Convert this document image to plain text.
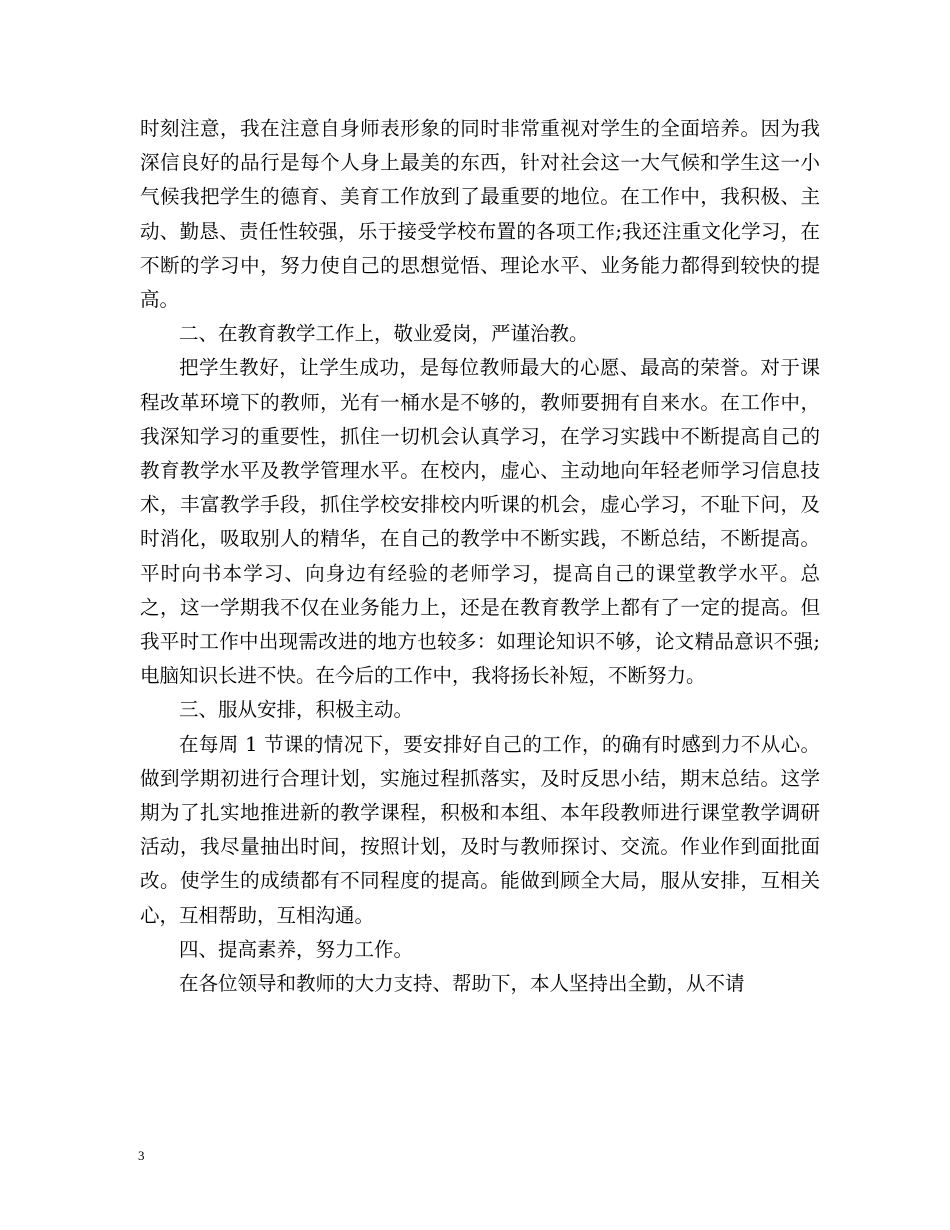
时刻注意，我在注意自身师表形象的同时非常重视对学生的全面培养。因为我深信良好的品行是每个人身上最美的东西，针对社会这一大气候和学生这一小气候我把学生的德育、美育工作放到了最重要的地位。在工作中，我积极、主动、勤恳、责任性较强，乐于接受学校布置的各项工作;我还注重文化学习，在不断的学习中，努力使自己的思想觉悟、理论水平、业务能力都得到较快的提高。

二、在教育教学工作上，敬业爱岗，严谨治教。

把学生教好，让学生成功，是每位教师最大的心愿、最高的荣誉。对于课程改革环境下的教师，光有一桶水是不够的，教师要拥有自来水。在工作中，我深知学习的重要性，抓住一切机会认真学习，在学习实践中不断提高自己的教育教学水平及教学管理水平。在校内，虚心、主动地向年轻老师学习信息技术，丰富教学手段，抓住学校安排校内听课的机会，虚心学习，不耻下问，及时消化，吸取别人的精华，在自己的教学中不断实践，不断总结，不断提高。平时向书本学习、向身边有经验的老师学习，提高自己的课堂教学水平。总之，这一学期我不仅在业务能力上，还是在教育教学上都有了一定的提高。但我平时工作中出现需改进的地方也较多：如理论知识不够，论文精品意识不强;电脑知识长进不快。在今后的工作中，我将扬长补短，不断努力。

三、服从安排，积极主动。

在每周 1 节课的情况下，要安排好自己的工作，的确有时感到力不从心。做到学期初进行合理计划，实施过程抓落实，及时反思小结，期末总结。这学期为了扎实地推进新的教学课程，积极和本组、本年段教师进行课堂教学调研活动，我尽量抽出时间，按照计划，及时与教师探讨、交流。作业作到面批面改。使学生的成绩都有不同程度的提高。能做到顾全大局，服从安排，互相关心，互相帮助，互相沟通。

四、提高素养，努力工作。

在各位领导和教师的大力支持、帮助下，本人坚持出全勤，从不请

3
